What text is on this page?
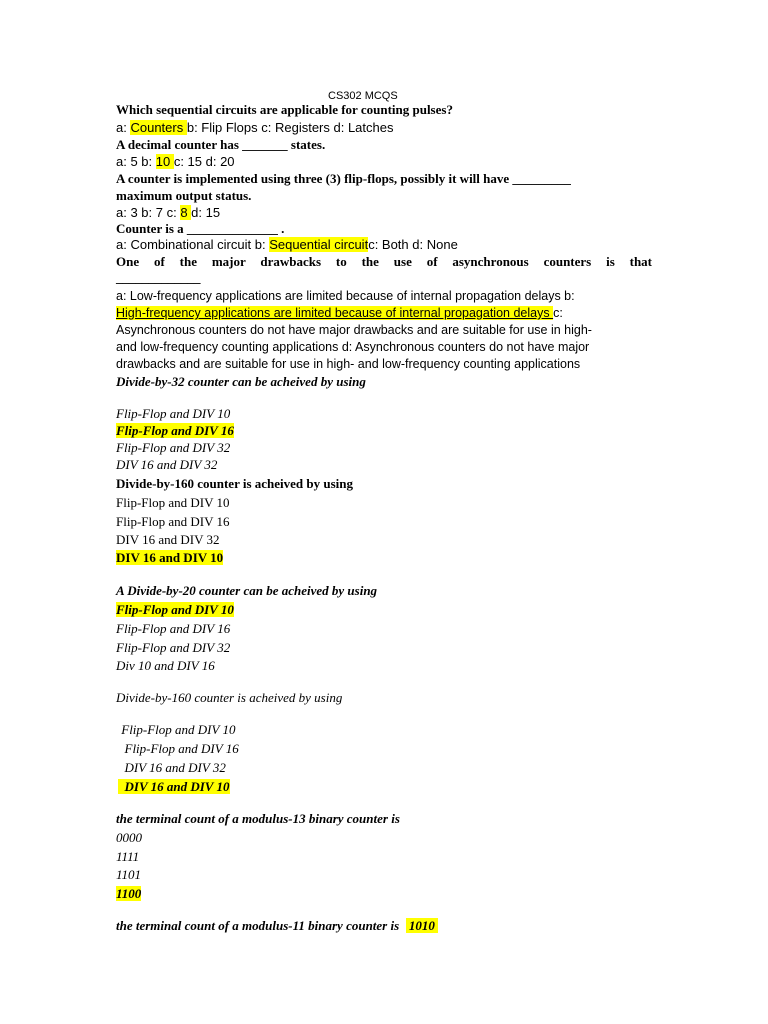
CS302 MCQS
Which sequential circuits are applicable for counting pulses?
a: Counters b: Flip Flops c: Registers d: Latches
A decimal counter has _______ states.
a: 5 b: 10 c: 15 d: 20
A counter is implemented using three (3) flip-flops, possibly it will have _________
maximum output status.
a: 3 b: 7 c: 8 d: 15
Counter is a ______________ .
a: Combinational circuit b: Sequential circuitc: Both d: None
One of the major drawbacks to the use of asynchronous counters is that
_____________
a: Low-frequency applications are limited because of internal propagation delays b:
High-frequency applications are limited because of internal propagation delays c:
Asynchronous counters do not have major drawbacks and are suitable for use in high-
and low-frequency counting applications d: Asynchronous counters do not have major
drawbacks and are suitable for use in high- and low-frequency counting applications
Divide-by-32 counter can be acheived by using
Flip-Flop and DIV 10
Flip-Flop and DIV 16
Flip-Flop and DIV 32
DIV 16 and DIV 32
Divide-by-160 counter is acheived by using
Flip-Flop and DIV 10
Flip-Flop and DIV 16
DIV 16 and DIV 32
DIV 16 and DIV 10
A Divide-by-20 counter can be acheived by using
Flip-Flop and DIV 10
Flip-Flop and DIV 16
Flip-Flop and DIV 32
Div 10 and DIV 16
Divide-by-160 counter is acheived by using
Flip-Flop and DIV 10
Flip-Flop and DIV 16
DIV 16 and DIV 32
DIV 16 and DIV 10
the terminal count of a modulus-13 binary counter is
0000
1111
1101
1100
the terminal count of a modulus-11 binary counter is   1010
